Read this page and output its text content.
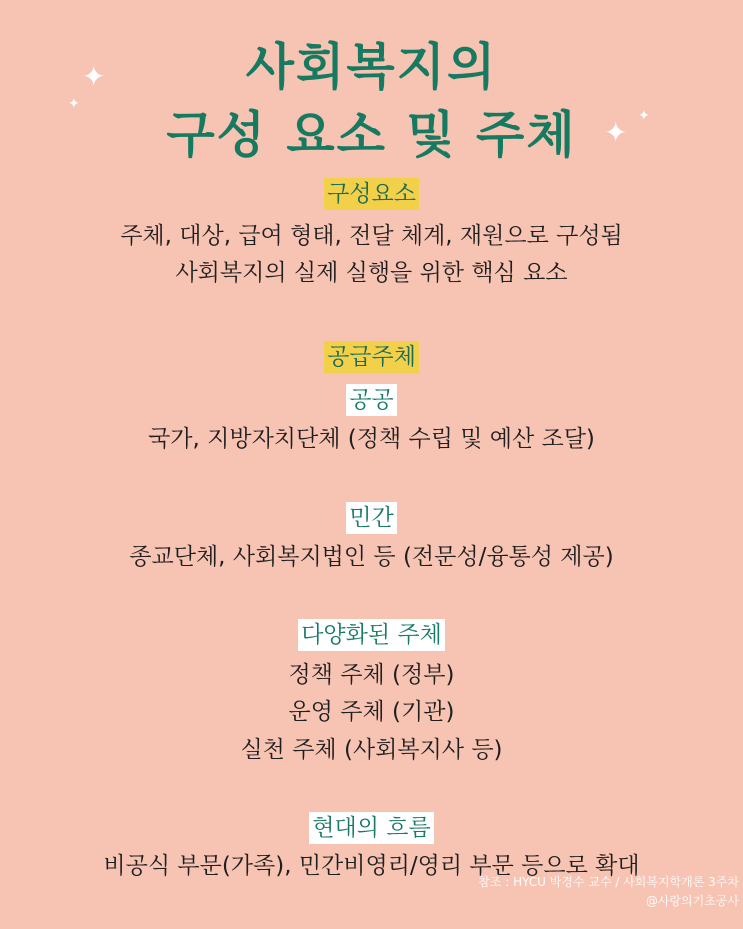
✦
✦
✦ ✦
사회복지의
구성 요소 및 주체
구성요소
주체, 대상, 급여 형태, 전달 체계, 재원으로 구성됨
사회복지의 실제 실행을 위한 핵심 요소
공급주체
공공
국가, 지방자치단체 (정책 수립 및 예산 조달)
민간
종교단체, 사회복지법인 등 (전문성/융통성 제공)
다양화된 주체
정책 주체 (정부)
운영 주체 (기관)
실천 주체 (사회복지사 등)
현대의 흐름
비공식 부문(가족), 민간비영리/영리 부문 등으로 확대
참조 : HYCU 박경수 교수 / 사회복지학개론 3주차
@사랑의기초공사
